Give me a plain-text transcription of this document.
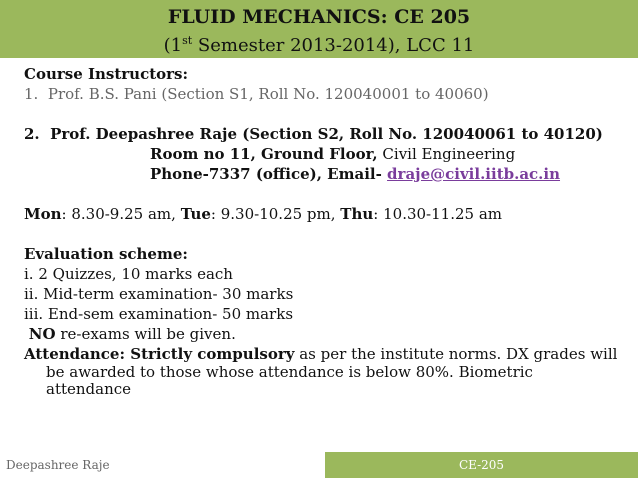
FLUID MECHANICS: CE 205
(1st Semester 2013-2014), LCC 11
Course Instructors:
1.  Prof. B.S. Pani (Section S1, Roll No. 120040001 to 40060)
2.  Prof. Deepashree Raje (Section S2, Roll No. 120040061 to 40120)
Room no 11, Ground Floor, Civil Engineering
Phone-7337 (office), Email- draje@civil.iitb.ac.in
Mon: 8.30-9.25 am, Tue: 9.30-10.25 pm, Thu: 10.30-11.25 am
Evaluation scheme:
i. 2 Quizzes, 10 marks each
ii. Mid-term examination- 30 marks
iii. End-sem examination- 50 marks
NO re-exams will be given.
Attendance: Strictly compulsory as per the institute norms. DX grades will
be awarded to those whose attendance is below 80%. Biometric
attendance
Deepashree Raje	CE-205
